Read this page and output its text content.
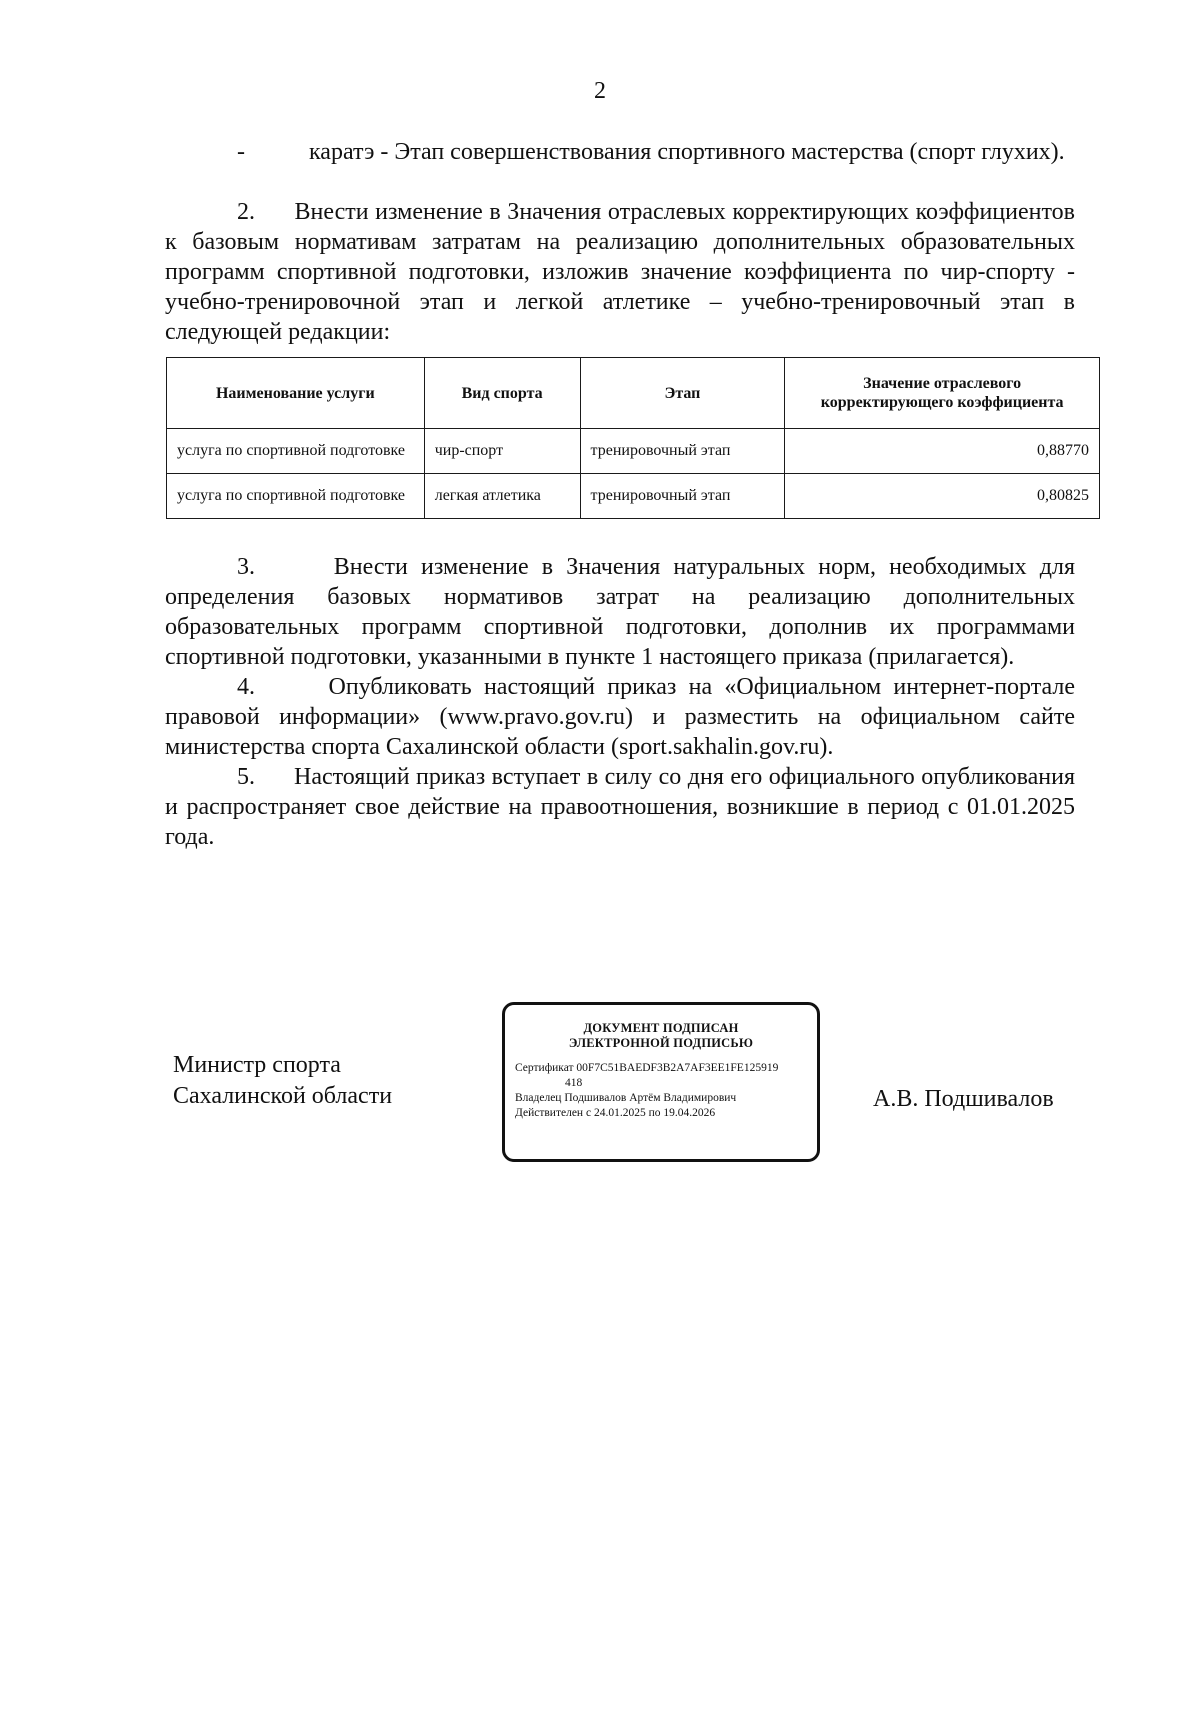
2

-	каратэ - Этап совершенствования спортивного мастерства (спорт глухих).

2. Внести изменение в Значения отраслевых корректирующих коэффициентов к базовым нормативам затратам на реализацию дополнительных образовательных программ спортивной подготовки, изложив значение коэффициента по чир-спорту - учебно-тренировочной этап и легкой атлетике – учебно-тренировочный этап в следующей редакции:

Наименование услуги	Вид спорта	Этап	Значение отраслевого корректирующего коэффициента
услуга по спортивной подготовке	чир-спорт	тренировочный этап	0,88770
услуга по спортивной подготовке	легкая атлетика	тренировочный этап	0,80825

3.	Внести изменение в Значения натуральных норм, необходимых для определения базовых нормативов затрат на реализацию дополнительных образовательных программ спортивной подготовки, дополнив их программами спортивной подготовки, указанными в пункте 1 настоящего приказа (прилагается).

4.	Опубликовать настоящий приказ на «Официальном интернет-портале правовой информации» (www.pravo.gov.ru) и разместить на официальном сайте министерства спорта Сахалинской области (sport.sakhalin.gov.ru).

5. Настоящий приказ вступает в силу со дня его официального опубликования и распространяет свое действие на правоотношения, возникшие в период с 01.01.2025 года.

Министр спорта
Сахалинской области
ДОКУМЕНТ ПОДПИСАН
ЭЛЕКТРОННОЙ ПОДПИСЬЮ
Сертификат 00F7C51BAEDF3B2A7AF3EE1FE125919
418
Владелец Подшивалов Артём Владимирович
Действителен с 24.01.2025 по 19.04.2026
А.В. Подшивалов
